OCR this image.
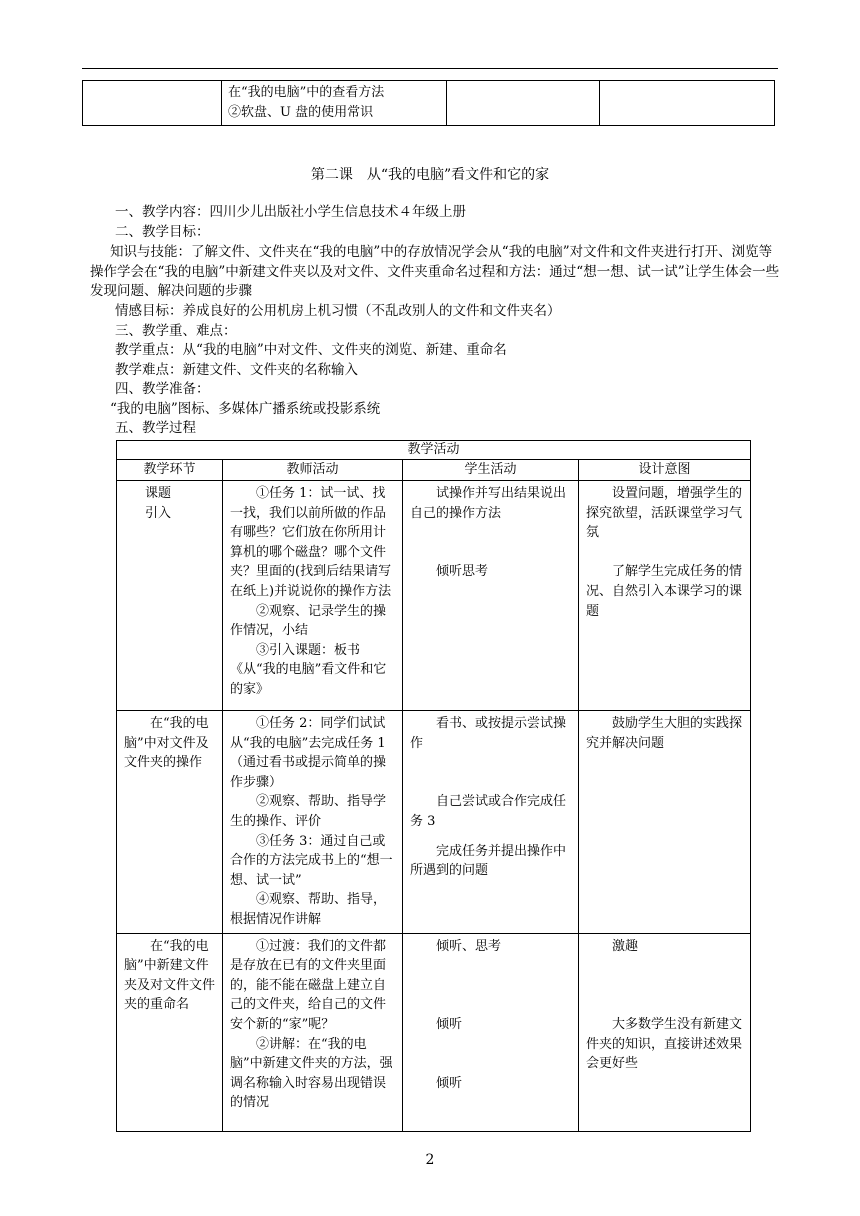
在“我的电脑”中的查看方法
②软盘、U 盘的使用常识

第二课　从“我的电脑”看文件和它的家
一、教学内容：四川少儿出版社小学生信息技术４年级上册
二、教学目标：

知识与技能：了解文件、文件夹在“我的电脑”中的存放情况学会从“我的电脑”对文件和文件夹进行打开、浏览等操作学会在“我的电脑”中新建文件夹以及对文件、文件夹重命名过程和方法：通过“想一想、试一试”让学生体会一些发现问题、解决问题的步骤

情感目标：养成良好的公用机房上机习惯（不乱改别人的文件和文件夹名）
三、教学重、难点：
教学重点：从“我的电脑”中对文件、文件夹的浏览、新建、重命名
教学难点：新建文件、文件夹的名称输入
四、教学准备：
“我的电脑”图标、多媒体广播系统或投影系统
五、教学过程
教学活动			
教学环节	教师活动	学生活动	设计意图

课题
引入	①任务 1：试一试、找一找，我们以前所做的作品有哪些？它们放在你所用计算机的哪个磁盘？哪个文件夹？里面的(找到后结果请写在纸上)并说说你的操作方法
②观察、记录学生的操作情况，小结
③引入课题：板书《从“我的电脑”看文件和它的家》	试操作并写出结果说出自己的操作方法
倾听思考	设置问题，增强学生的探究欲望，活跃课堂学习气氛
了解学生完成任务的情况、自然引入本课学习的课题

在“我的电脑”中对文件及文件夹的操作	①任务 2：同学们试试从“我的电脑”去完成任务 1（通过看书或提示简单的操作步骤）
②观察、帮助、指导学生的操作、评价
③任务 3：通过自己或合作的方法完成书上的“想一想、试一试”
④观察、帮助、指导，根据情况作讲解	看书、或按提示尝试操作
自己尝试或合作完成任务 3
完成任务并提出操作中所遇到的问题	鼓励学生大胆的实践探究并解决问题

在“我的电脑”中新建文件夹及对文件文件夹的重命名	①过渡：我们的文件都是存放在已有的文件夹里面的，能不能在磁盘上建立自己的文件夹，给自己的文件安个新的“家”呢？
②讲解：在“我的电脑”中新建文件夹的方法，强调名称输入时容易出现错误的情况	倾听、思考
倾听
倾听	激趣
大多数学生没有新建文件夹的知识，直接讲述效果会更好些
2
